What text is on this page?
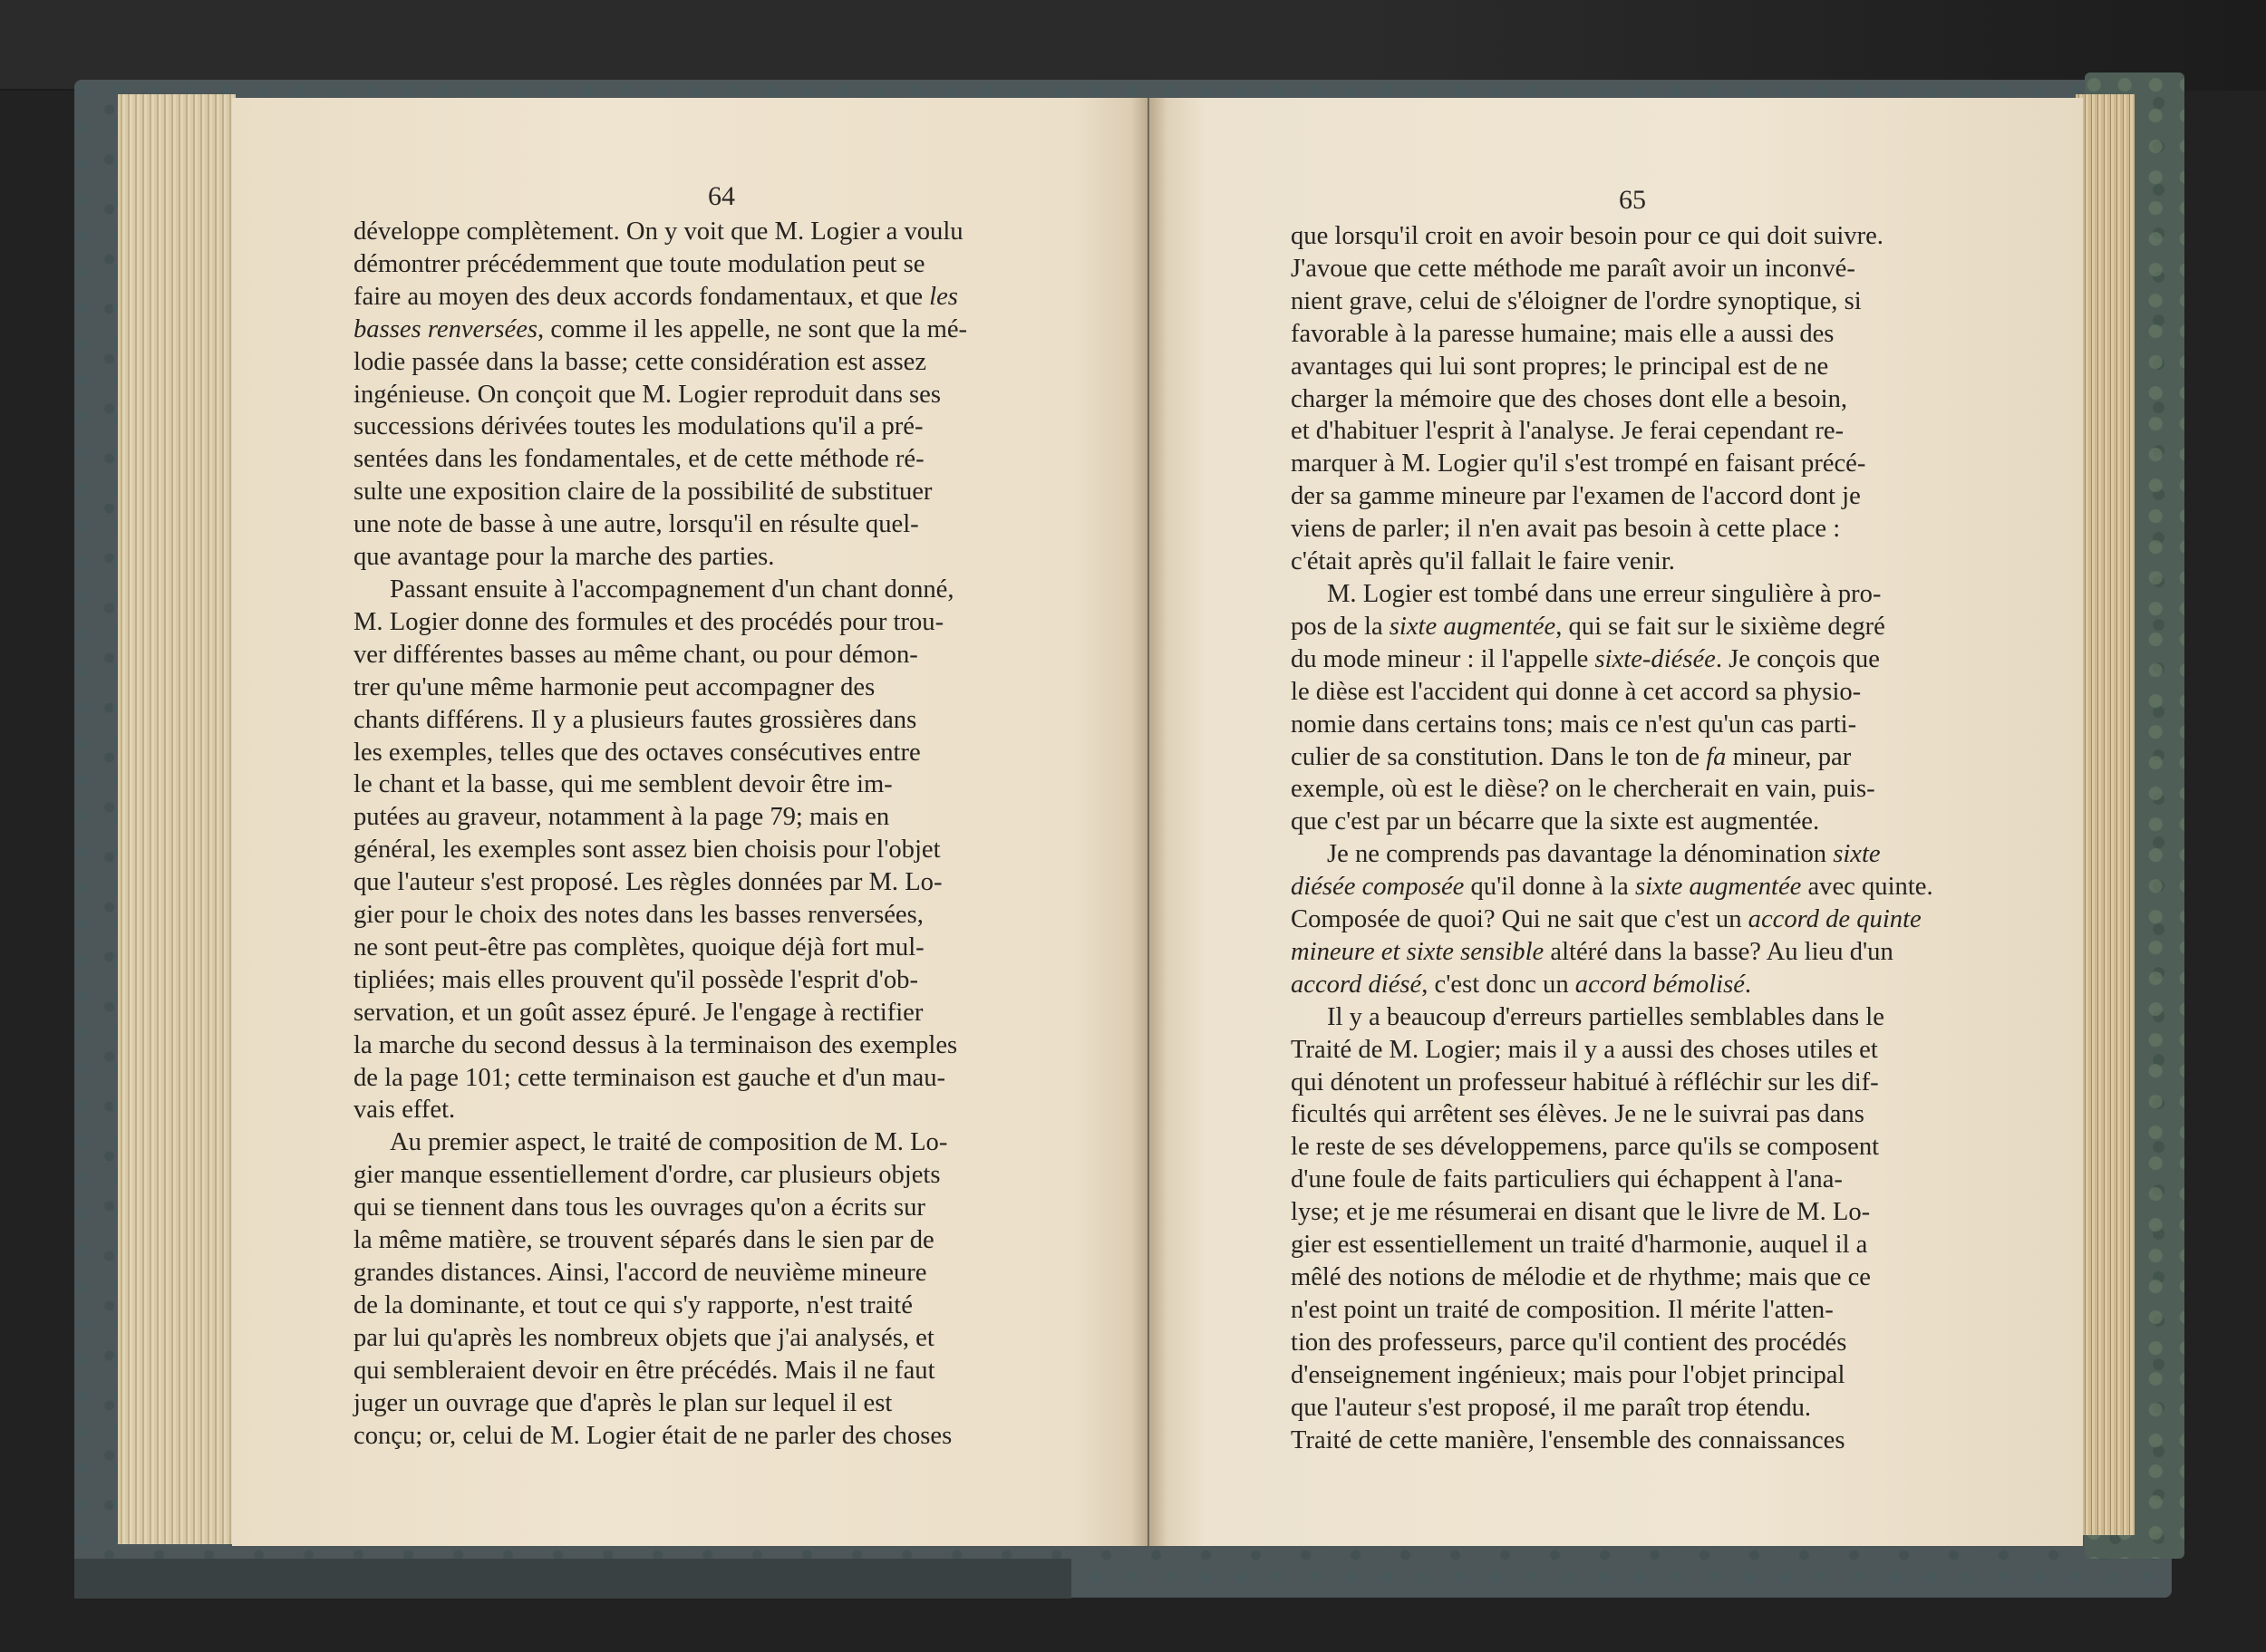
64
développe complètement. On y voit que M. Logier a voulu
démontrer précédemment que toute modulation peut se
faire au moyen des deux accords fondamentaux, et que les
basses renversées, comme il les appelle, ne sont que la mé-
lodie passée dans la basse; cette considération est assez
ingénieuse. On conçoit que M. Logier reproduit dans ses
successions dérivées toutes les modulations qu'il a pré-
sentées dans les fondamentales, et de cette méthode ré-
sulte une exposition claire de la possibilité de substituer
une note de basse à une autre, lorsqu'il en résulte quel-
que avantage pour la marche des parties.
Passant ensuite à l'accompagnement d'un chant donné,
M. Logier donne des formules et des procédés pour trou-
ver différentes basses au même chant, ou pour démon-
trer qu'une même harmonie peut accompagner des
chants différens. Il y a plusieurs fautes grossières dans
les exemples, telles que des octaves consécutives entre
le chant et la basse, qui me semblent devoir être im-
putées au graveur, notamment à la page 79; mais en
général, les exemples sont assez bien choisis pour l'objet
que l'auteur s'est proposé. Les règles données par M. Lo-
gier pour le choix des notes dans les basses renversées,
ne sont peut-être pas complètes, quoique déjà fort mul-
tipliées; mais elles prouvent qu'il possède l'esprit d'ob-
servation, et un goût assez épuré. Je l'engage à rectifier
la marche du second dessus à la terminaison des exemples
de la page 101; cette terminaison est gauche et d'un mau-
vais effet.
Au premier aspect, le traité de composition de M. Lo-
gier manque essentiellement d'ordre, car plusieurs objets
qui se tiennent dans tous les ouvrages qu'on a écrits sur
la même matière, se trouvent séparés dans le sien par de
grandes distances. Ainsi, l'accord de neuvième mineure
de la dominante, et tout ce qui s'y rapporte, n'est traité
par lui qu'après les nombreux objets que j'ai analysés, et
qui sembleraient devoir en être précédés. Mais il ne faut
juger un ouvrage que d'après le plan sur lequel il est
conçu; or, celui de M. Logier était de ne parler des choses
65
que lorsqu'il croit en avoir besoin pour ce qui doit suivre.
J'avoue que cette méthode me paraît avoir un inconvé-
nient grave, celui de s'éloigner de l'ordre synoptique, si
favorable à la paresse humaine; mais elle a aussi des
avantages qui lui sont propres; le principal est de ne
charger la mémoire que des choses dont elle a besoin,
et d'habituer l'esprit à l'analyse. Je ferai cependant re-
marquer à M. Logier qu'il s'est trompé en faisant précé-
der sa gamme mineure par l'examen de l'accord dont je
viens de parler; il n'en avait pas besoin à cette place :
c'était après qu'il fallait le faire venir.
M. Logier est tombé dans une erreur singulière à pro-
pos de la sixte augmentée, qui se fait sur le sixième degré
du mode mineur : il l'appelle sixte-diésée. Je conçois que
le dièse est l'accident qui donne à cet accord sa physio-
nomie dans certains tons; mais ce n'est qu'un cas parti-
culier de sa constitution. Dans le ton de fa mineur, par
exemple, où est le dièse? on le chercherait en vain, puis-
que c'est par un bécarre que la sixte est augmentée.
Je ne comprends pas davantage la dénomination sixte
diésée composée qu'il donne à la sixte augmentée avec quinte.
Composée de quoi? Qui ne sait que c'est un accord de quinte
mineure et sixte sensible altéré dans la basse? Au lieu d'un
accord diésé, c'est donc un accord bémolisé.
Il y a beaucoup d'erreurs partielles semblables dans le
Traité de M. Logier; mais il y a aussi des choses utiles et
qui dénotent un professeur habitué à réfléchir sur les dif-
ficultés qui arrêtent ses élèves. Je ne le suivrai pas dans
le reste de ses développemens, parce qu'ils se composent
d'une foule de faits particuliers qui échappent à l'ana-
lyse; et je me résumerai en disant que le livre de M. Lo-
gier est essentiellement un traité d'harmonie, auquel il a
mêlé des notions de mélodie et de rhythme; mais que ce
n'est point un traité de composition. Il mérite l'atten-
tion des professeurs, parce qu'il contient des procédés
d'enseignement ingénieux; mais pour l'objet principal
que l'auteur s'est proposé, il me paraît trop étendu.
Traité de cette manière, l'ensemble des connaissances
